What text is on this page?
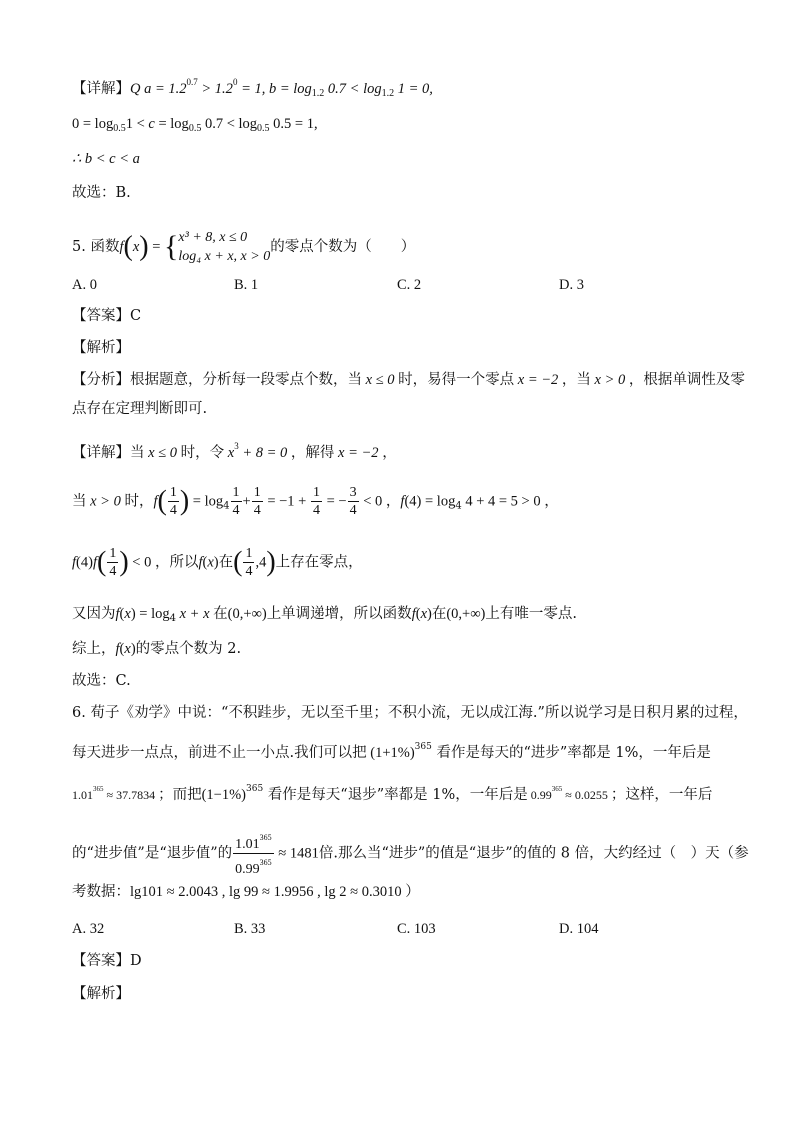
【详解】Q $a = 1.2^{0.7} > 1.2^0 = 1$, $b = \log_{1.2} 0.7 < \log_{1.2} 1 = 0$,
$0 = \log_{0.5}1 < c = \log_{0.5} 0.7 < \log_{0.5} 0.5 = 1$,
∴ b < c < a
故选：B.
5. 函数f(x) = { x³ + 8, x ≤ 0
log₄ x + x, x > 0
的零点个数为（　　）
A. 0	B. 1	C. 2	D. 3
【答案】C
【解析】
【分析】根据题意，分析每一段零点个数，当 x ≤ 0 时，易得一个零点 x = −2 ，当 x > 0 ，根据单调性及零
点存在定理判断即可.
【详解】当 x ≤ 0 时，令 $x^3 + 8 = 0$ ，解得 x = −2 ，
当 x > 0 时，$f( \frac{1}{4}$ ) = $\log_4 \frac{1}{4} + \frac{1}{4} = -1 + \frac{1}{4}$ = − $\frac{3}{4} < 0$ ，$f(4) = \log_4 4 + 4 = 5 > 0$ ，
$f(4)f( \frac{1}{4}$ ) < 0 ，所以f(x)在( $\frac{1}{4} ,4$)上存在零点，
又因为$f(x) = \log_4 x + x$ 在(0,+∞)上单调递增，所以函数f(x)在(0,+∞)上有唯一零点.
综上，f(x)的零点个数为 2.
故选：C.
6. 荀子《劝学》中说：“不积跬步，无以至千里；不积小流，无以成江海.”所以说学习是日积月累的过程，
每天进步一点点，前进不止一小点.我们可以把 $(1+1\%)^{365}$ 看作是每天的“进步”率都是 1%，一年后是
$1.01^{365} \approx 37.7834$ ；而把$(1-1\%)^{365}$ 看作是每天“退步”率都是 1%，一年后是 $0.99^{365} \approx 0.0255$ ；这样，一年后
的“进步值”是“退步值”的 $\frac{1.01^{365}}{0.99^{365}} \approx 1481$倍.那么当“进步”的值是“退步”的值的 8 倍，大约经过（　）天（参
考数据：lg101 ≈ 2.0043 , lg 99 ≈ 1.9956 , lg 2 ≈ 0.3010 ）
A. 32	B. 33	C. 103	D. 104
【答案】D
【解析】
